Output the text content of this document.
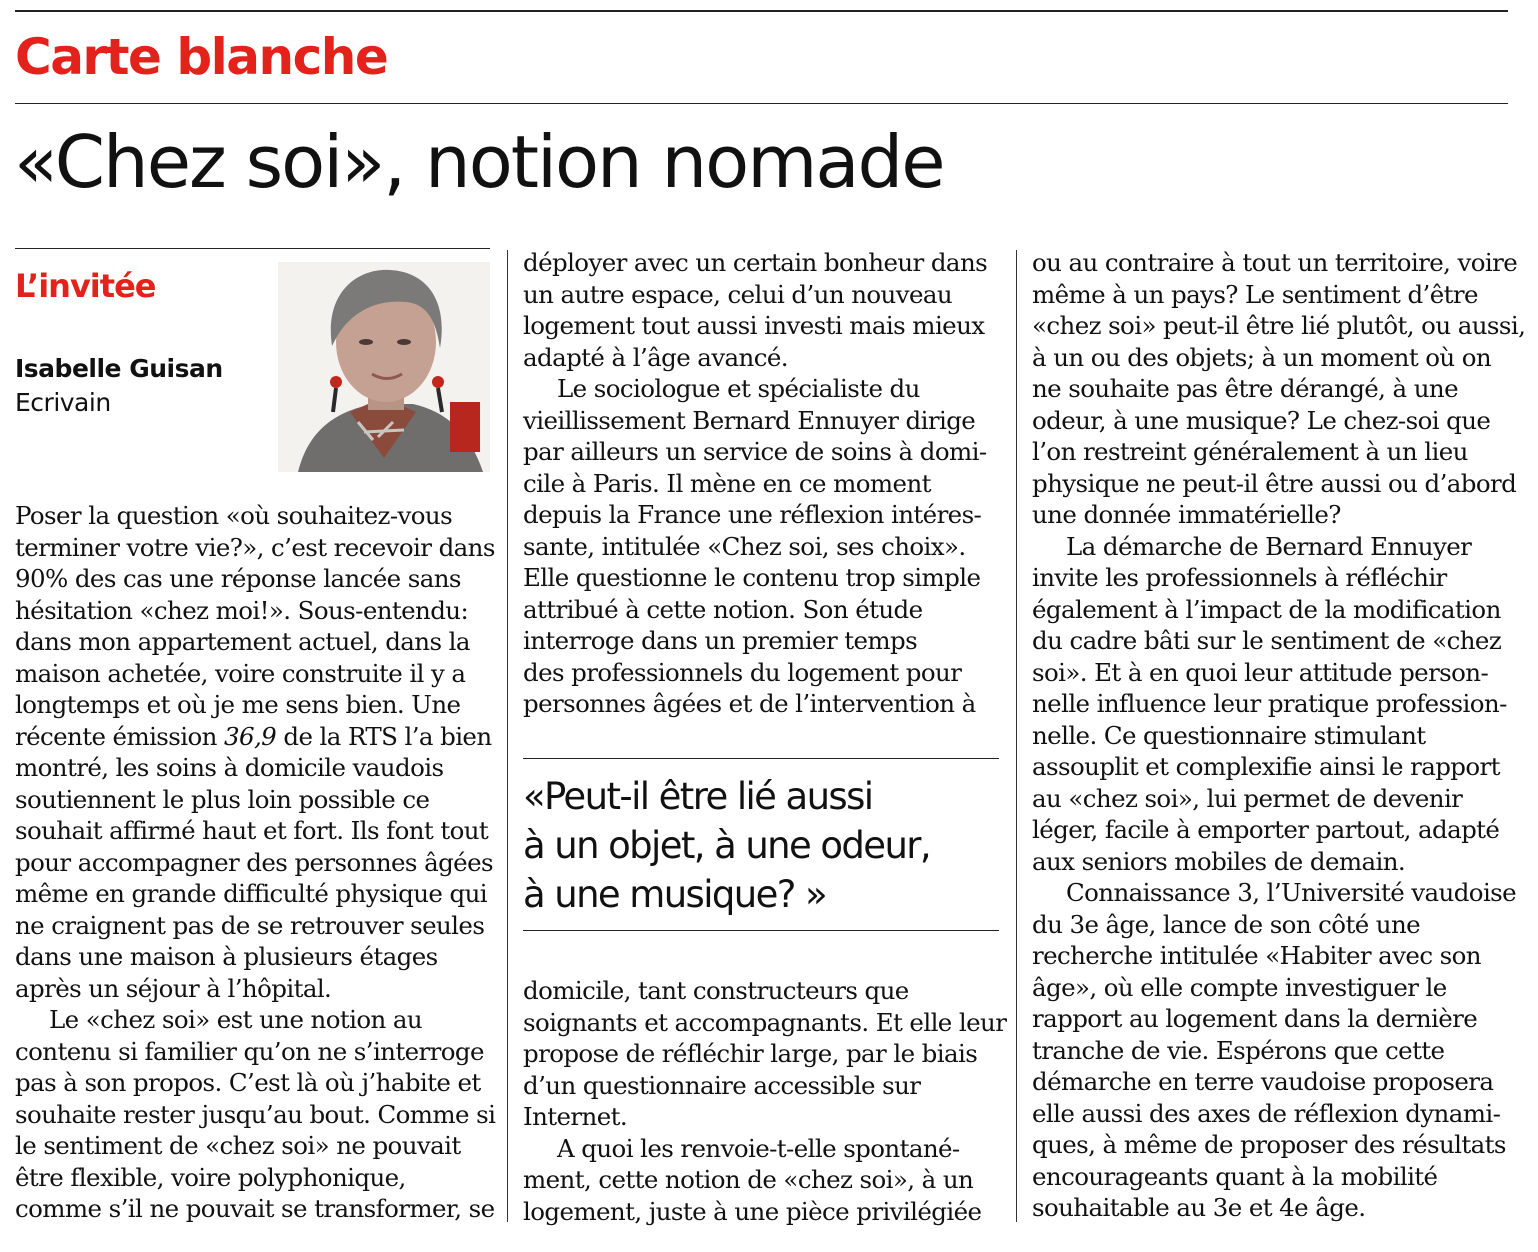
Carte blanche
«Chez soi», notion nomade
L’invitée
Isabelle Guisan
Ecrivain
Poser la question «où souhaitez-vous
terminer votre vie?», c’est recevoir dans
90% des cas une réponse lancée sans
hésitation «chez moi!». Sous-entendu:
dans mon appartement actuel, dans la
maison achetée, voire construite il y a
longtemps et où je me sens bien. Une
récente émission 36,9 de la RTS l’a bien
montré, les soins à domicile vaudois
soutiennent le plus loin possible ce
souhait affirmé haut et fort. Ils font tout
pour accompagner des personnes âgées
même en grande difficulté physique qui
ne craignent pas de se retrouver seules
dans une maison à plusieurs étages
après un séjour à l’hôpital.
Le «chez soi» est une notion au
contenu si familier qu’on ne s’interroge
pas à son propos. C’est là où j’habite et
souhaite rester jusqu’au bout. Comme si
le sentiment de «chez soi» ne pouvait
être flexible, voire polyphonique,
comme s’il ne pouvait se transformer, se
déployer avec un certain bonheur dans
un autre espace, celui d’un nouveau
logement tout aussi investi mais mieux
adapté à l’âge avancé.
Le sociologue et spécialiste du
vieillissement Bernard Ennuyer dirige
par ailleurs un service de soins à domi-
cile à Paris. Il mène en ce moment
depuis la France une réflexion intéres-
sante, intitulée «Chez soi, ses choix».
Elle questionne le contenu trop simple
attribué à cette notion. Son étude
interroge dans un premier temps
des professionnels du logement pour
personnes âgées et de l’intervention à
«Peut-il être lié aussi
à un objet, à une odeur,
à une musique? »
domicile, tant constructeurs que
soignants et accompagnants. Et elle leur
propose de réfléchir large, par le biais
d’un questionnaire accessible sur
Internet.
A quoi les renvoie-t-elle spontané-
ment, cette notion de «chez soi», à un
logement, juste à une pièce privilégiée
ou au contraire à tout un territoire, voire
même à un pays? Le sentiment d’être
«chez soi» peut-il être lié plutôt, ou aussi,
à un ou des objets; à un moment où on
ne souhaite pas être dérangé, à une
odeur, à une musique? Le chez-soi que
l’on restreint généralement à un lieu
physique ne peut-il être aussi ou d’abord
une donnée immatérielle?
La démarche de Bernard Ennuyer
invite les professionnels à réfléchir
également à l’impact de la modification
du cadre bâti sur le sentiment de «chez
soi». Et à en quoi leur attitude person-
nelle influence leur pratique profession-
nelle. Ce questionnaire stimulant
assouplit et complexifie ainsi le rapport
au «chez soi», lui permet de devenir
léger, facile à emporter partout, adapté
aux seniors mobiles de demain.
Connaissance 3, l’Université vaudoise
du 3e âge, lance de son côté une
recherche intitulée «Habiter avec son
âge», où elle compte investiguer le
rapport au logement dans la dernière
tranche de vie. Espérons que cette
démarche en terre vaudoise proposera
elle aussi des axes de réflexion dynami-
ques, à même de proposer des résultats
encourageants quant à la mobilité
souhaitable au 3e et 4e âge.
